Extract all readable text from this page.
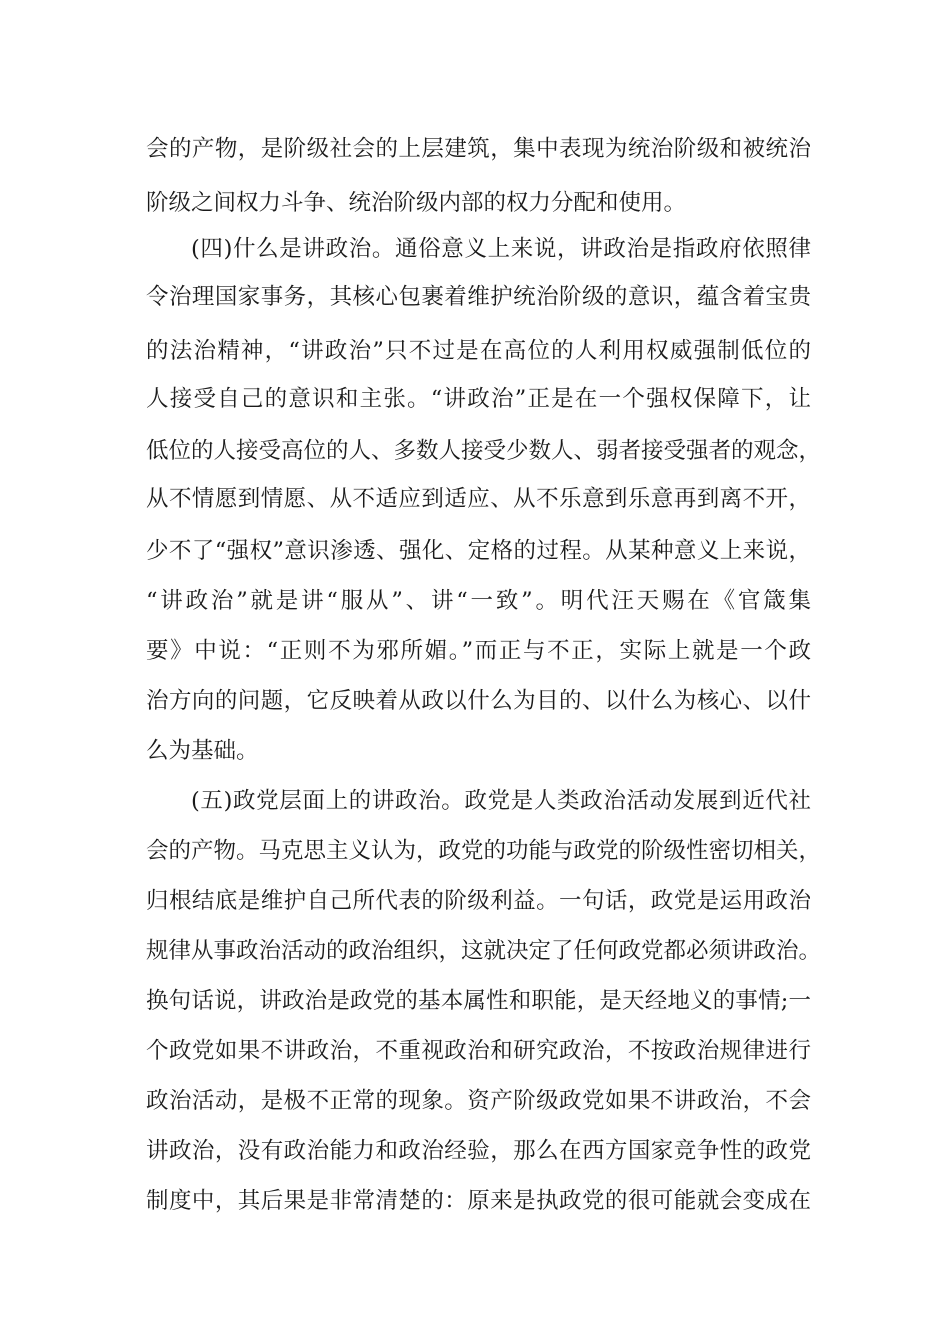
会的产物，是阶级社会的上层建筑，集中表现为统治阶级和被统治
阶级之间权力斗争、统治阶级内部的权力分配和使用。
(四)什么是讲政治。通俗意义上来说，讲政治是指政府依照律
令治理国家事务，其核心包裹着维护统治阶级的意识，蕴含着宝贵
的法治精神，“讲政治”只不过是在高位的人利用权威强制低位的
人接受自己的意识和主张。“讲政治”正是在一个强权保障下，让
低位的人接受高位的人、多数人接受少数人、弱者接受强者的观念，
从不情愿到情愿、从不适应到适应、从不乐意到乐意再到离不开，
少不了“强权”意识渗透、强化、定格的过程。从某种意义上来说，
“讲政治”就是讲“服从”、讲“一致”。明代汪天赐在《官箴集
要》中说：“正则不为邪所媚。”而正与不正，实际上就是一个政
治方向的问题，它反映着从政以什么为目的、以什么为核心、以什
么为基础。
(五)政党层面上的讲政治。政党是人类政治活动发展到近代社
会的产物。马克思主义认为，政党的功能与政党的阶级性密切相关，
归根结底是维护自己所代表的阶级利益。一句话，政党是运用政治
规律从事政治活动的政治组织，这就决定了任何政党都必须讲政治。
换句话说，讲政治是政党的基本属性和职能，是天经地义的事情;一
个政党如果不讲政治，不重视政治和研究政治，不按政治规律进行
政治活动，是极不正常的现象。资产阶级政党如果不讲政治，不会
讲政治，没有政治能力和政治经验，那么在西方国家竞争性的政党
制度中，其后果是非常清楚的：原来是执政党的很可能就会变成在
